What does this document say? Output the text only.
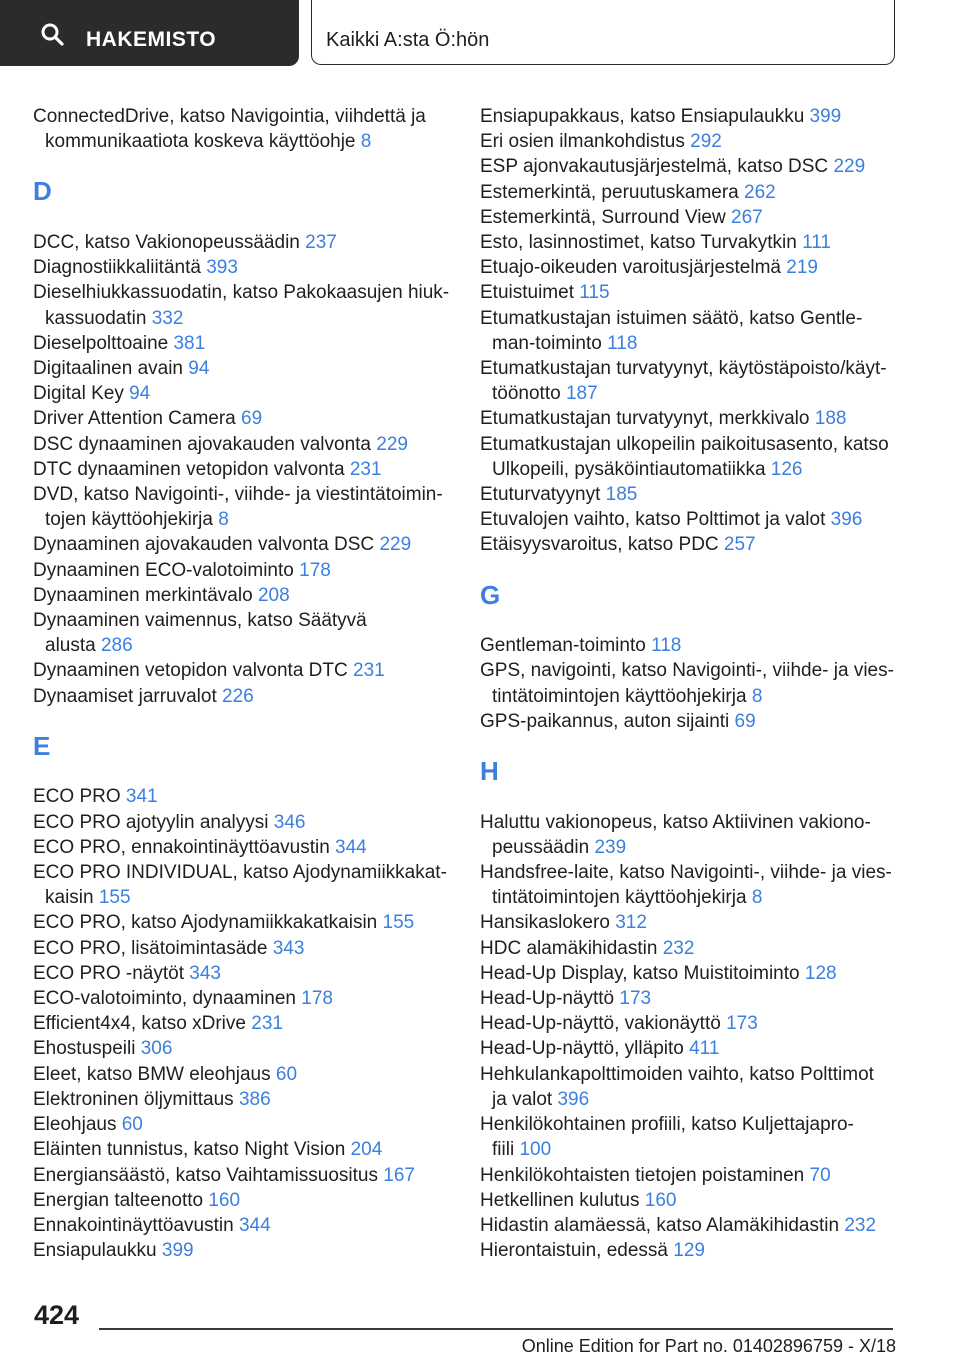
HAKEMISTO	Kaikki A:sta Ö:hön
ConnectedDrive, katso Navigointia, viihdettä ja
kommunikaatiota koskeva käyttöohje 8
D
DCC, katso Vakionopeussäädin 237
Diagnostiikkaliitäntä 393
Dieselhiukkassuodatin, katso Pakokaasujen hiuk-
kassuodatin 332
Dieselpolttoaine 381
Digitaalinen avain 94
Digital Key 94
Driver Attention Camera 69
DSC dynaaminen ajovakauden valvonta 229
DTC dynaaminen vetopidon valvonta 231
DVD, katso Navigointi-, viihde- ja viestintätoimin-
tojen käyttöohjekirja 8
Dynaaminen ajovakauden valvonta DSC 229
Dynaaminen ECO-valotoiminto 178
Dynaaminen merkintävalo 208
Dynaaminen vaimennus, katso Säätyvä
alusta 286
Dynaaminen vetopidon valvonta DTC 231
Dynaamiset jarruvalot 226
E
ECO PRO 341
ECO PRO ajotyylin analyysi 346
ECO PRO, ennakointinäyttöavustin 344
ECO PRO INDIVIDUAL, katso Ajodynamiikkakat-
kaisin 155
ECO PRO, katso Ajodynamiikkakatkaisin 155
ECO PRO, lisätoimintasäde 343
ECO PRO -näytöt 343
ECO-valotoiminto, dynaaminen 178
Efficient4x4, katso xDrive 231
Ehostuspeili 306
Eleet, katso BMW eleohjaus 60
Elektroninen öljymittaus 386
Eleohjaus 60
Eläinten tunnistus, katso Night Vision 204
Energiansäästö, katso Vaihtamissuositus 167
Energian talteenotto 160
Ennakointinäyttöavustin 344
Ensiapulaukku 399
Ensiapupakkaus, katso Ensiapulaukku 399
Eri osien ilmankohdistus 292
ESP ajonvakautusjärjestelmä, katso DSC 229
Estemerkintä, peruutuskamera 262
Estemerkintä, Surround View 267
Esto, lasinnostimet, katso Turvakytkin 111
Etuajo-oikeuden varoitusjärjestelmä 219
Etuistuimet 115
Etumatkustajan istuimen säätö, katso Gentle-
man-toiminto 118
Etumatkustajan turvatyynyt, käytöstäpoisto/käyt-
töönotto 187
Etumatkustajan turvatyynyt, merkkivalo 188
Etumatkustajan ulkopeilin paikoitusasento, katso
Ulkopeili, pysäköintiautomatiikka 126
Etuturvatyynyt 185
Etuvalojen vaihto, katso Polttimot ja valot 396
Etäisyysvaroitus, katso PDC 257
G
Gentleman-toiminto 118
GPS, navigointi, katso Navigointi-, viihde- ja vies-
tintätoimintojen käyttöohjekirja 8
GPS-paikannus, auton sijainti 69
H
Haluttu vakionopeus, katso Aktiivinen vakiono-
peussäädin 239
Handsfree-laite, katso Navigointi-, viihde- ja vies-
tintätoimintojen käyttöohjekirja 8
Hansikaslokero 312
HDC alamäkihidastin 232
Head-Up Display, katso Muistitoiminto 128
Head-Up-näyttö 173
Head-Up-näyttö, vakionäyttö 173
Head-Up-näyttö, ylläpito 411
Hehkulankapolttimoiden vaihto, katso Polttimot
ja valot 396
Henkilökohtainen profiili, katso Kuljettajapro-
fiili 100
Henkilökohtaisten tietojen poistaminen 70
Hetkellinen kulutus 160
Hidastin alamäessä, katso Alamäkihidastin 232
Hierontaistuin, edessä 129
424
Online Edition for Part no. 01402896759 - X/18
